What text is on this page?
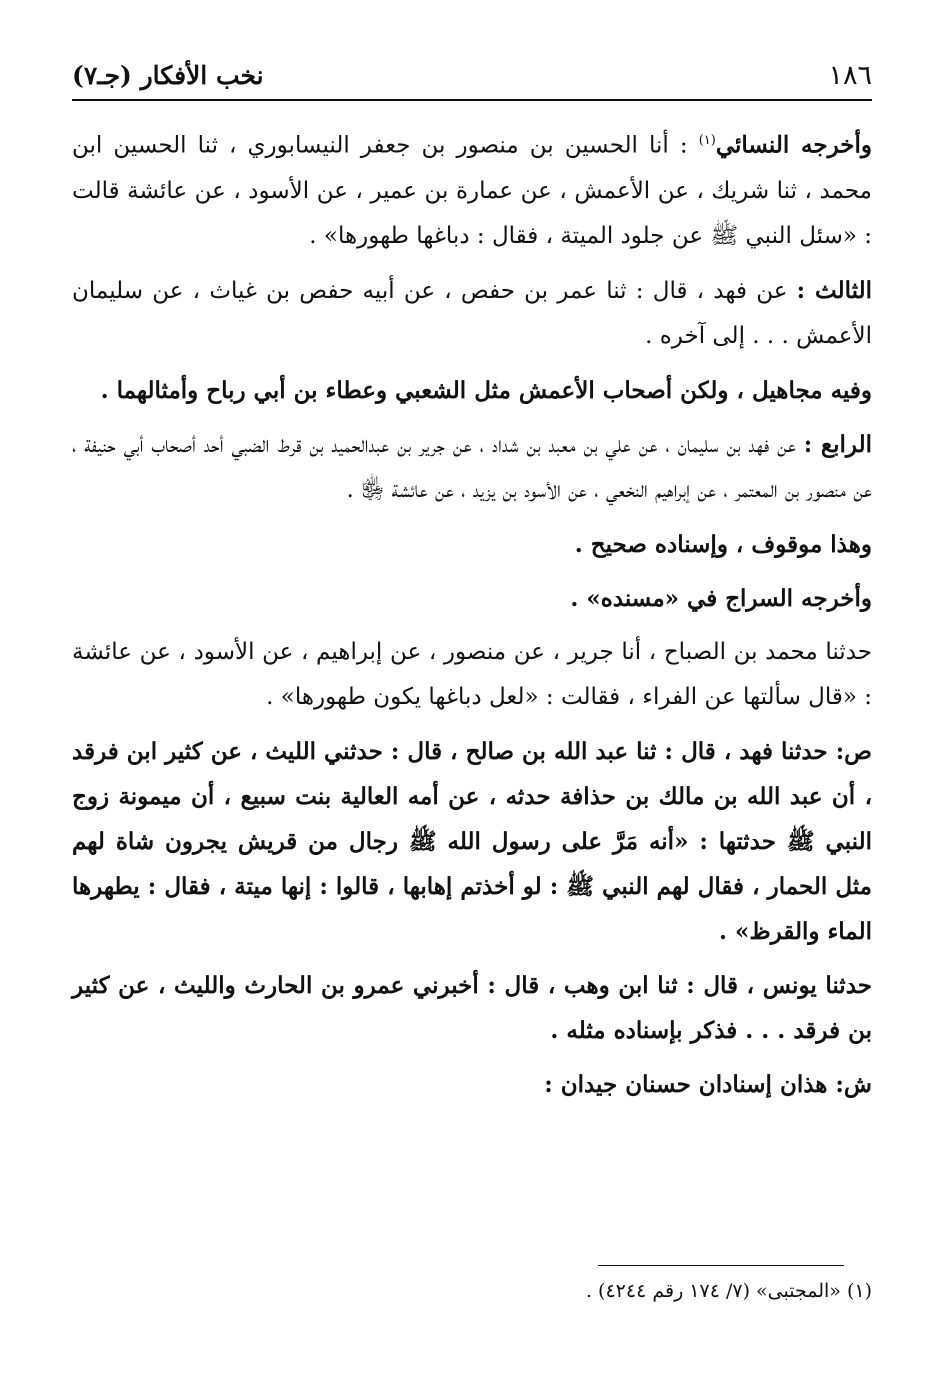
نخب الأفكار (جـ٧)	١٨٦

وأخرجه النسائي$^{(١)}$ : أنا الحسين بن منصور بن جعفر النيسابوري ، ثنا الحسين ابن محمد ، ثنا شريك ، عن الأعمش ، عن عمارة بن عمير ، عن الأسود ، عن عائشة قالت : «سئل النبي ﷺ عن جلود الميتة ، فقال : دباغها طهورها» .

الثالث : عن فهد ، قال : ثنا عمر بن حفص ، عن أبيه حفص بن غياث ، عن سليمان الأعمش . . . إلى آخره .

وفيه مجاهيل ، ولكن أصحاب الأعمش مثل الشعبي وعطاء بن أبي رباح وأمثالهما .

الرابع : عن فهد بن سليمان ، عن علي بن معبد بن شداد ، عن جرير بن عبدالحميد بن قرط الضبي أحد أصحاب أبي حنيفة ، عن منصور بن المعتمر ، عن إبراهيم النخعي ، عن الأسود بن يزيد ، عن عائشة ﵂ .

وهذا موقوف ، وإسناده صحيح .

وأخرجه السراج في «مسنده» .

حدثنا محمد بن الصباح ، أنا جرير ، عن منصور ، عن إبراهيم ، عن الأسود ، عن عائشة : «قال سألتها عن الفراء ، فقالت : «لعل دباغها يكون طهورها» .

ص: حدثنا فهد ، قال : ثنا عبد الله بن صالح ، قال : حدثني الليث ، عن كثير ابن فرقد ، أن عبد الله بن مالك بن حذافة حدثه ، عن أمه العالية بنت سبيع ، أن ميمونة زوج النبي ﷺ حدثتها : «أنه مَرَّ على رسول الله ﷺ رجال من قريش يجرون شاة لهم مثل الحمار ، فقال لهم النبي ﷺ : لو أخذتم إهابها ، قالوا : إنها ميتة ، فقال : يطهرها الماء والقرظ» .

حدثنا يونس ، قال : ثنا ابن وهب ، قال : أخبرني عمرو بن الحارث والليث ، عن كثير بن فرقد . . . فذكر بإسناده مثله .

ش: هذان إسنادان حسنان جيدان :

(١) «المجتبى» (٧/ ١٧٤ رقم ٤٢٤٤) .
